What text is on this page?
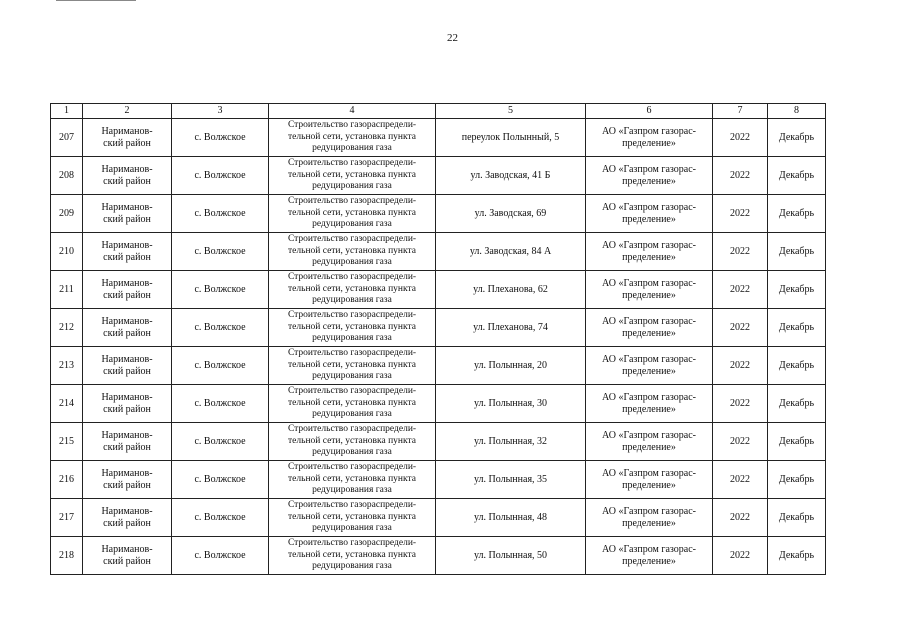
22
1	2	3	4	5	6	7	8
207	Нариманов-
ский район	с. Волжское	Строительство газораспредели-
тельной сети, установка пункта
редуцирования газа	переулок Полынный, 5	АО «Газпром газорас-
пределение»	2022	Декабрь
208	Нариманов-
ский район	с. Волжское	Строительство газораспредели-
тельной сети, установка пункта
редуцирования газа	ул. Заводская, 41 Б	АО «Газпром газорас-
пределение»	2022	Декабрь
209	Нариманов-
ский район	с. Волжское	Строительство газораспредели-
тельной сети, установка пункта
редуцирования газа	ул. Заводская, 69	АО «Газпром газорас-
пределение»	2022	Декабрь
210	Нариманов-
ский район	с. Волжское	Строительство газораспредели-
тельной сети, установка пункта
редуцирования газа	ул. Заводская, 84 А	АО «Газпром газорас-
пределение»	2022	Декабрь
211	Нариманов-
ский район	с. Волжское	Строительство газораспредели-
тельной сети, установка пункта
редуцирования газа	ул. Плеханова, 62	АО «Газпром газорас-
пределение»	2022	Декабрь
212	Нариманов-
ский район	с. Волжское	Строительство газораспредели-
тельной сети, установка пункта
редуцирования газа	ул. Плеханова, 74	АО «Газпром газорас-
пределение»	2022	Декабрь
213	Нариманов-
ский район	с. Волжское	Строительство газораспредели-
тельной сети, установка пункта
редуцирования газа	ул. Полынная, 20	АО «Газпром газорас-
пределение»	2022	Декабрь
214	Нариманов-
ский район	с. Волжское	Строительство газораспредели-
тельной сети, установка пункта
редуцирования газа	ул. Полынная, 30	АО «Газпром газорас-
пределение»	2022	Декабрь
215	Нариманов-
ский район	с. Волжское	Строительство газораспредели-
тельной сети, установка пункта
редуцирования газа	ул. Полынная, 32	АО «Газпром газорас-
пределение»	2022	Декабрь
216	Нариманов-
ский район	с. Волжское	Строительство газораспредели-
тельной сети, установка пункта
редуцирования газа	ул. Полынная, 35	АО «Газпром газорас-
пределение»	2022	Декабрь
217	Нариманов-
ский район	с. Волжское	Строительство газораспредели-
тельной сети, установка пункта
редуцирования газа	ул. Полынная, 48	АО «Газпром газорас-
пределение»	2022	Декабрь
218	Нариманов-
ский район	с. Волжское	Строительство газораспредели-
тельной сети, установка пункта
редуцирования газа	ул. Полынная, 50	АО «Газпром газорас-
пределение»	2022	Декабрь
